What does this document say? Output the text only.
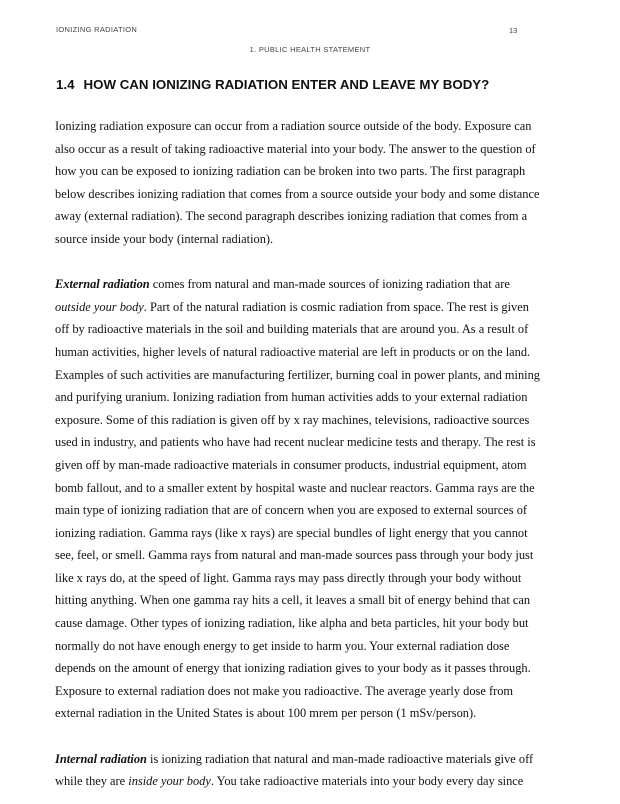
IONIZING RADIATION	13
1. PUBLIC HEALTH STATEMENT
1.4 HOW CAN IONIZING RADIATION ENTER AND LEAVE MY BODY?
Ionizing radiation exposure can occur from a radiation source outside of the body. Exposure can
also occur as a result of taking radioactive material into your body. The answer to the question of
how you can be exposed to ionizing radiation can be broken into two parts. The first paragraph
below describes ionizing radiation that comes from a source outside your body and some distance
away (external radiation). The second paragraph describes ionizing radiation that comes from a
source inside your body (internal radiation).
External radiation comes from natural and man-made sources of ionizing radiation that are
outside your body. Part of the natural radiation is cosmic radiation from space. The rest is given
off by radioactive materials in the soil and building materials that are around you. As a result of
human activities, higher levels of natural radioactive material are left in products or on the land.
Examples of such activities are manufacturing fertilizer, burning coal in power plants, and mining
and purifying uranium. Ionizing radiation from human activities adds to your external radiation
exposure. Some of this radiation is given off by x ray machines, televisions, radioactive sources
used in industry, and patients who have had recent nuclear medicine tests and therapy. The rest is
given off by man-made radioactive materials in consumer products, industrial equipment, atom
bomb fallout, and to a smaller extent by hospital waste and nuclear reactors. Gamma rays are the
main type of ionizing radiation that are of concern when you are exposed to external sources of
ionizing radiation. Gamma rays (like x rays) are special bundles of light energy that you cannot
see, feel, or smell. Gamma rays from natural and man-made sources pass through your body just
like x rays do, at the speed of light. Gamma rays may pass directly through your body without
hitting anything. When one gamma ray hits a cell, it leaves a small bit of energy behind that can
cause damage. Other types of ionizing radiation, like alpha and beta particles, hit your body but
normally do not have enough energy to get inside to harm you. Your external radiation dose
depends on the amount of energy that ionizing radiation gives to your body as it passes through.
Exposure to external radiation does not make you radioactive. The average yearly dose from
external radiation in the United States is about 100 mrem per person (1 mSv/person).
Internal radiation is ionizing radiation that natural and man-made radioactive materials give off
while they are inside your body. You take radioactive materials into your body every day since
